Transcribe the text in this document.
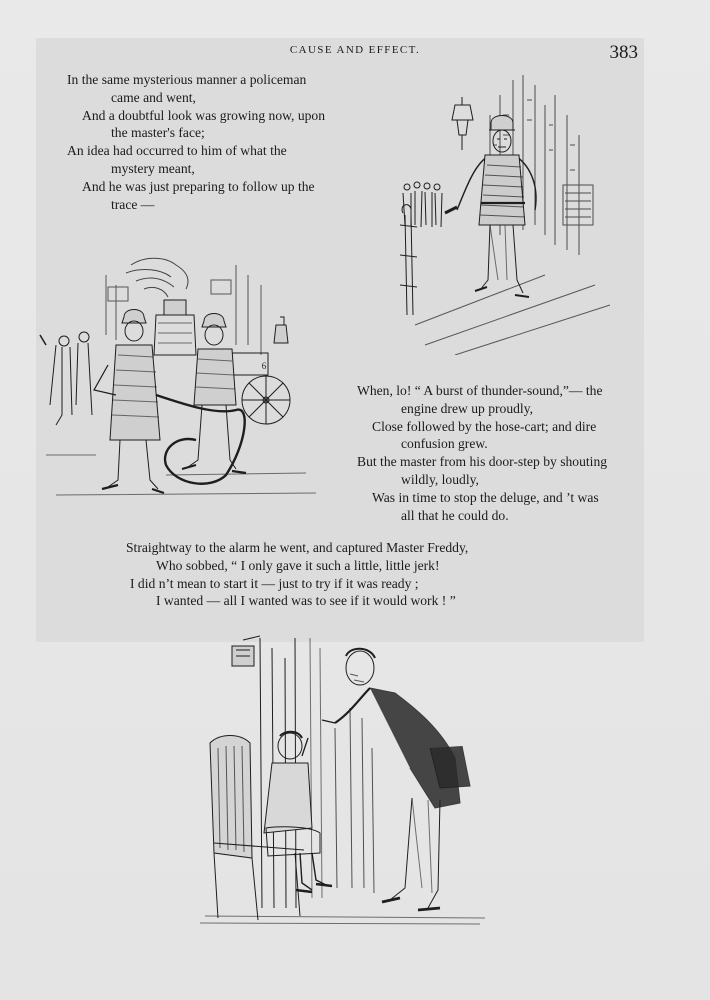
CAUSE AND EFFECT.	383
In the same mysterious manner a policeman
came and went,
And a doubtful look was growing now, upon
the master's face;
An idea had occurred to him of what the
mystery meant,
And he was just preparing to follow up the
trace —
When, lo! “ A burst of thunder-sound,”— the
engine drew up proudly,
Close followed by the hose-cart; and dire
confusion grew.
But the master from his door-step by shouting
wildly, loudly,
Was in time to stop the deluge, and ’t was
all that he could do.
Straightway to the alarm he went, and captured Master Freddy,
Who sobbed, “ I only gave it such a little, little jerk!
I did n’t mean to start it — just to try if it was ready ;
I wanted — all I wanted was to see if it would work ! ”
6
